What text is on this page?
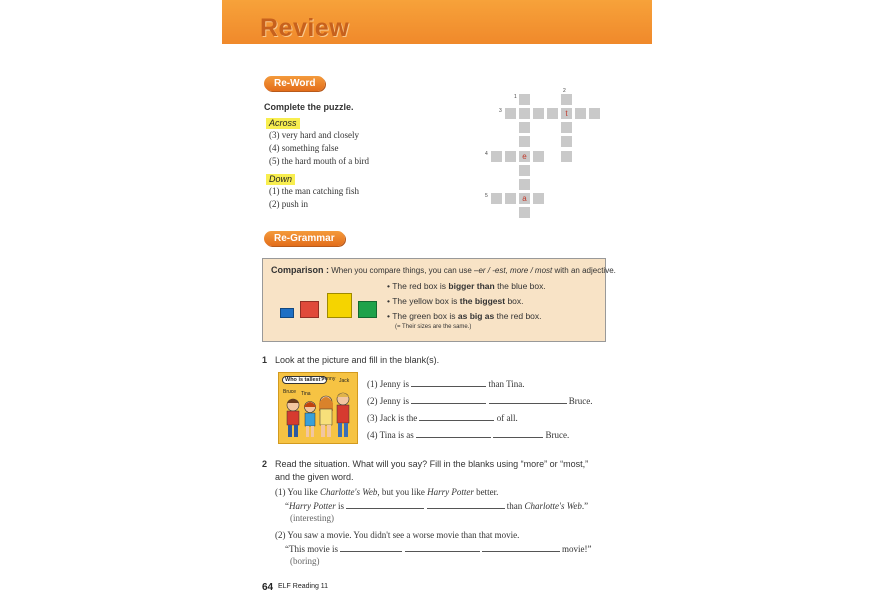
Review
Re-Word
Complete the puzzle.
Across
(3) very hard and closely
(4) something false
(5) the hard mouth of a bird
Down
(1) the man catching fish
(2) push in
1
e
a
3	t
2
4
5
Re-Grammar
Comparison : When you compare things, you can use –er / -est, more / most with an adjective.
• The red box is bigger than the blue box.
• The yellow box is the biggest box.
• The green box is as big as the red box.
(= Their sizes are the same.)
1 Look at the picture and fill in the blank(s).
Who is tallest?
Jenny Jack
Bruce Tina
(1) Jenny is	than Tina.
(2) Jenny is	Bruce.
(3) Jack is the	of all.
(4) Tina is as	Bruce.
2 Read the situation. What will you say? Fill in the blanks using “more” or “most,”
and the given word.
(1) You like Charlotte's Web, but you like Harry Potter better.
“Harry Potter is	than Charlotte's Web.”
(interesting)
(2) You saw a movie. You didn't see a worse movie than that movie.
“This movie is	movie!”
(boring)
64 ELF Reading 11
